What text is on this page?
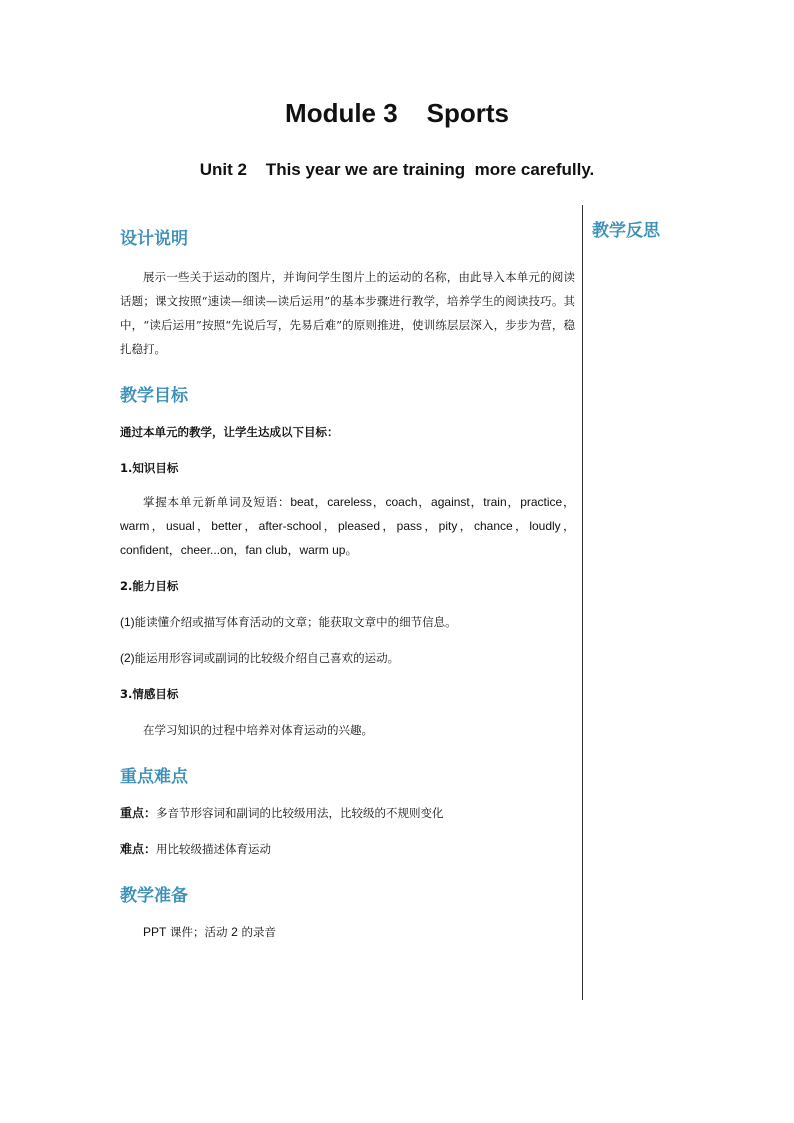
Module 3    Sports
Unit 2    This year we are training  more carefully.
教学反思
设计说明

展示一些关于运动的图片，并询问学生图片上的运动的名称，由此导入本单元的阅读话题；课文按照“速读—细读—读后运用”的基本步骤进行教学，培养学生的阅读技巧。其中，“读后运用”按照“先说后写，先易后难”的原则推进，使训练层层深入，步步为营，稳扎稳打。

教学目标

通过本单元的教学，让学生达成以下目标：

1.知识目标

掌握本单元新单词及短语：beat，careless，coach，against，train，practice，warm，usual，better，after-school，pleased，pass，pity，chance，loudly，confident，cheer...on，fan club，warm up。

2.能力目标

(1)能读懂介绍或描写体育活动的文章；能获取文章中的细节信息。

(2)能运用形容词或副词的比较级介绍自己喜欢的运动。

3.情感目标

在学习知识的过程中培养对体育运动的兴趣。

重点难点

重点：多音节形容词和副词的比较级用法，比较级的不规则变化

难点：用比较级描述体育运动

教学准备

PPT 课件；活动 2 的录音
